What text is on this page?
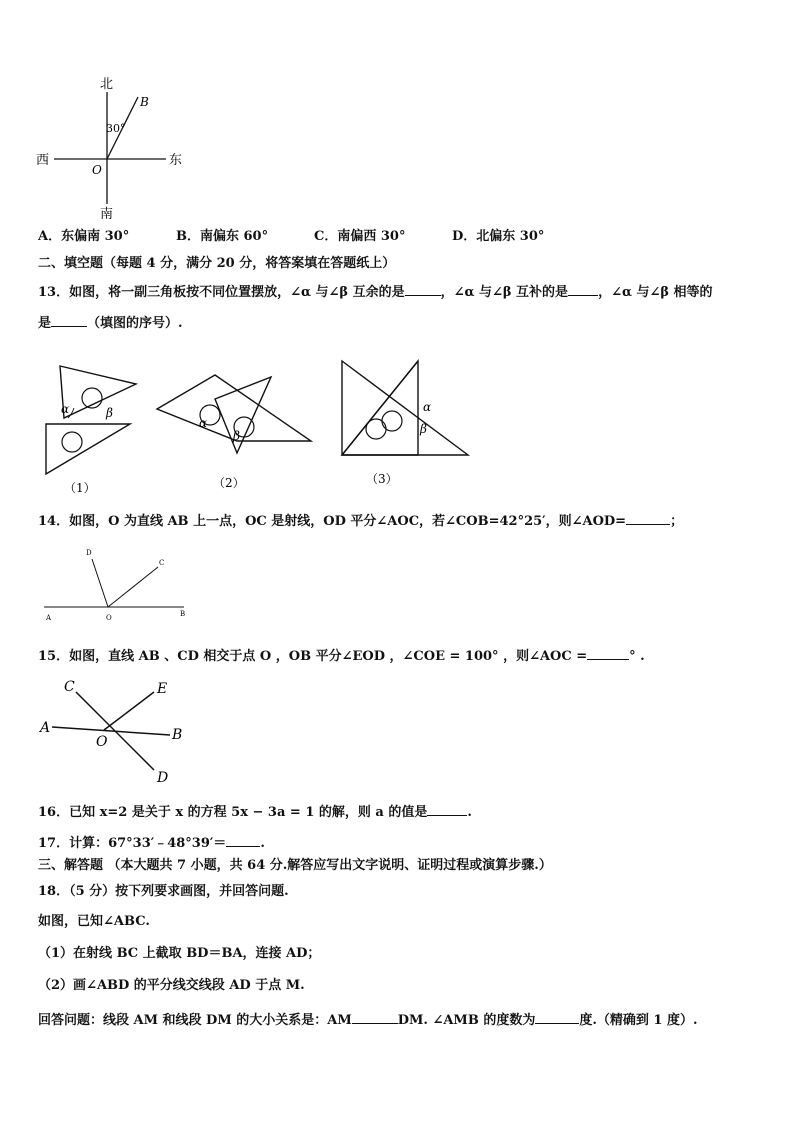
北
南
西	东
O
B
30°
A．东偏南 30°	B．南偏东 60°	C．南偏西 30°	D．北偏东 30°
二、填空题（每题 4 分，满分 20 分，将答案填在答题纸上）
13．如图，将一副三角板按不同位置摆放，∠α 与∠β 互余的是	，∠α 与∠β 互补的是 ，∠α 与∠β 相等的
是	（填图的序号）.
α	β
（1）
α
β
（2）
α
β
（3）
14．如图，O 为直线 AB 上一点，OC 是射线，OD 平分∠AOC，若∠COB=42°25′，则∠AOD=	；
A	O	B
C
D
15．如图，直线 AB 、CD 相交于点 O ，OB 平分∠EOD ，∠COE = 100° ，则∠AOC =	° .
C	E
A
O	B
D
16．已知 x=2 是关于 x 的方程 5x − 3a = 1 的解，则 a 的值是	.
17．计算：67°33′﹣48°39′＝	.
三、解答题 （本大题共 7 小题，共 64 分.解答应写出文字说明、证明过程或演算步骤.）
18．（5 分）按下列要求画图，并回答问题.
如图，已知∠ABC.
（1）在射线 BC 上截取 BD＝BA，连接 AD；
（2）画∠ABD 的平分线交线段 AD 于点 M.
回答问题：线段 AM 和线段 DM 的大小关系是：AM	DM. ∠AMB 的度数为	度.（精确到 1 度）.
